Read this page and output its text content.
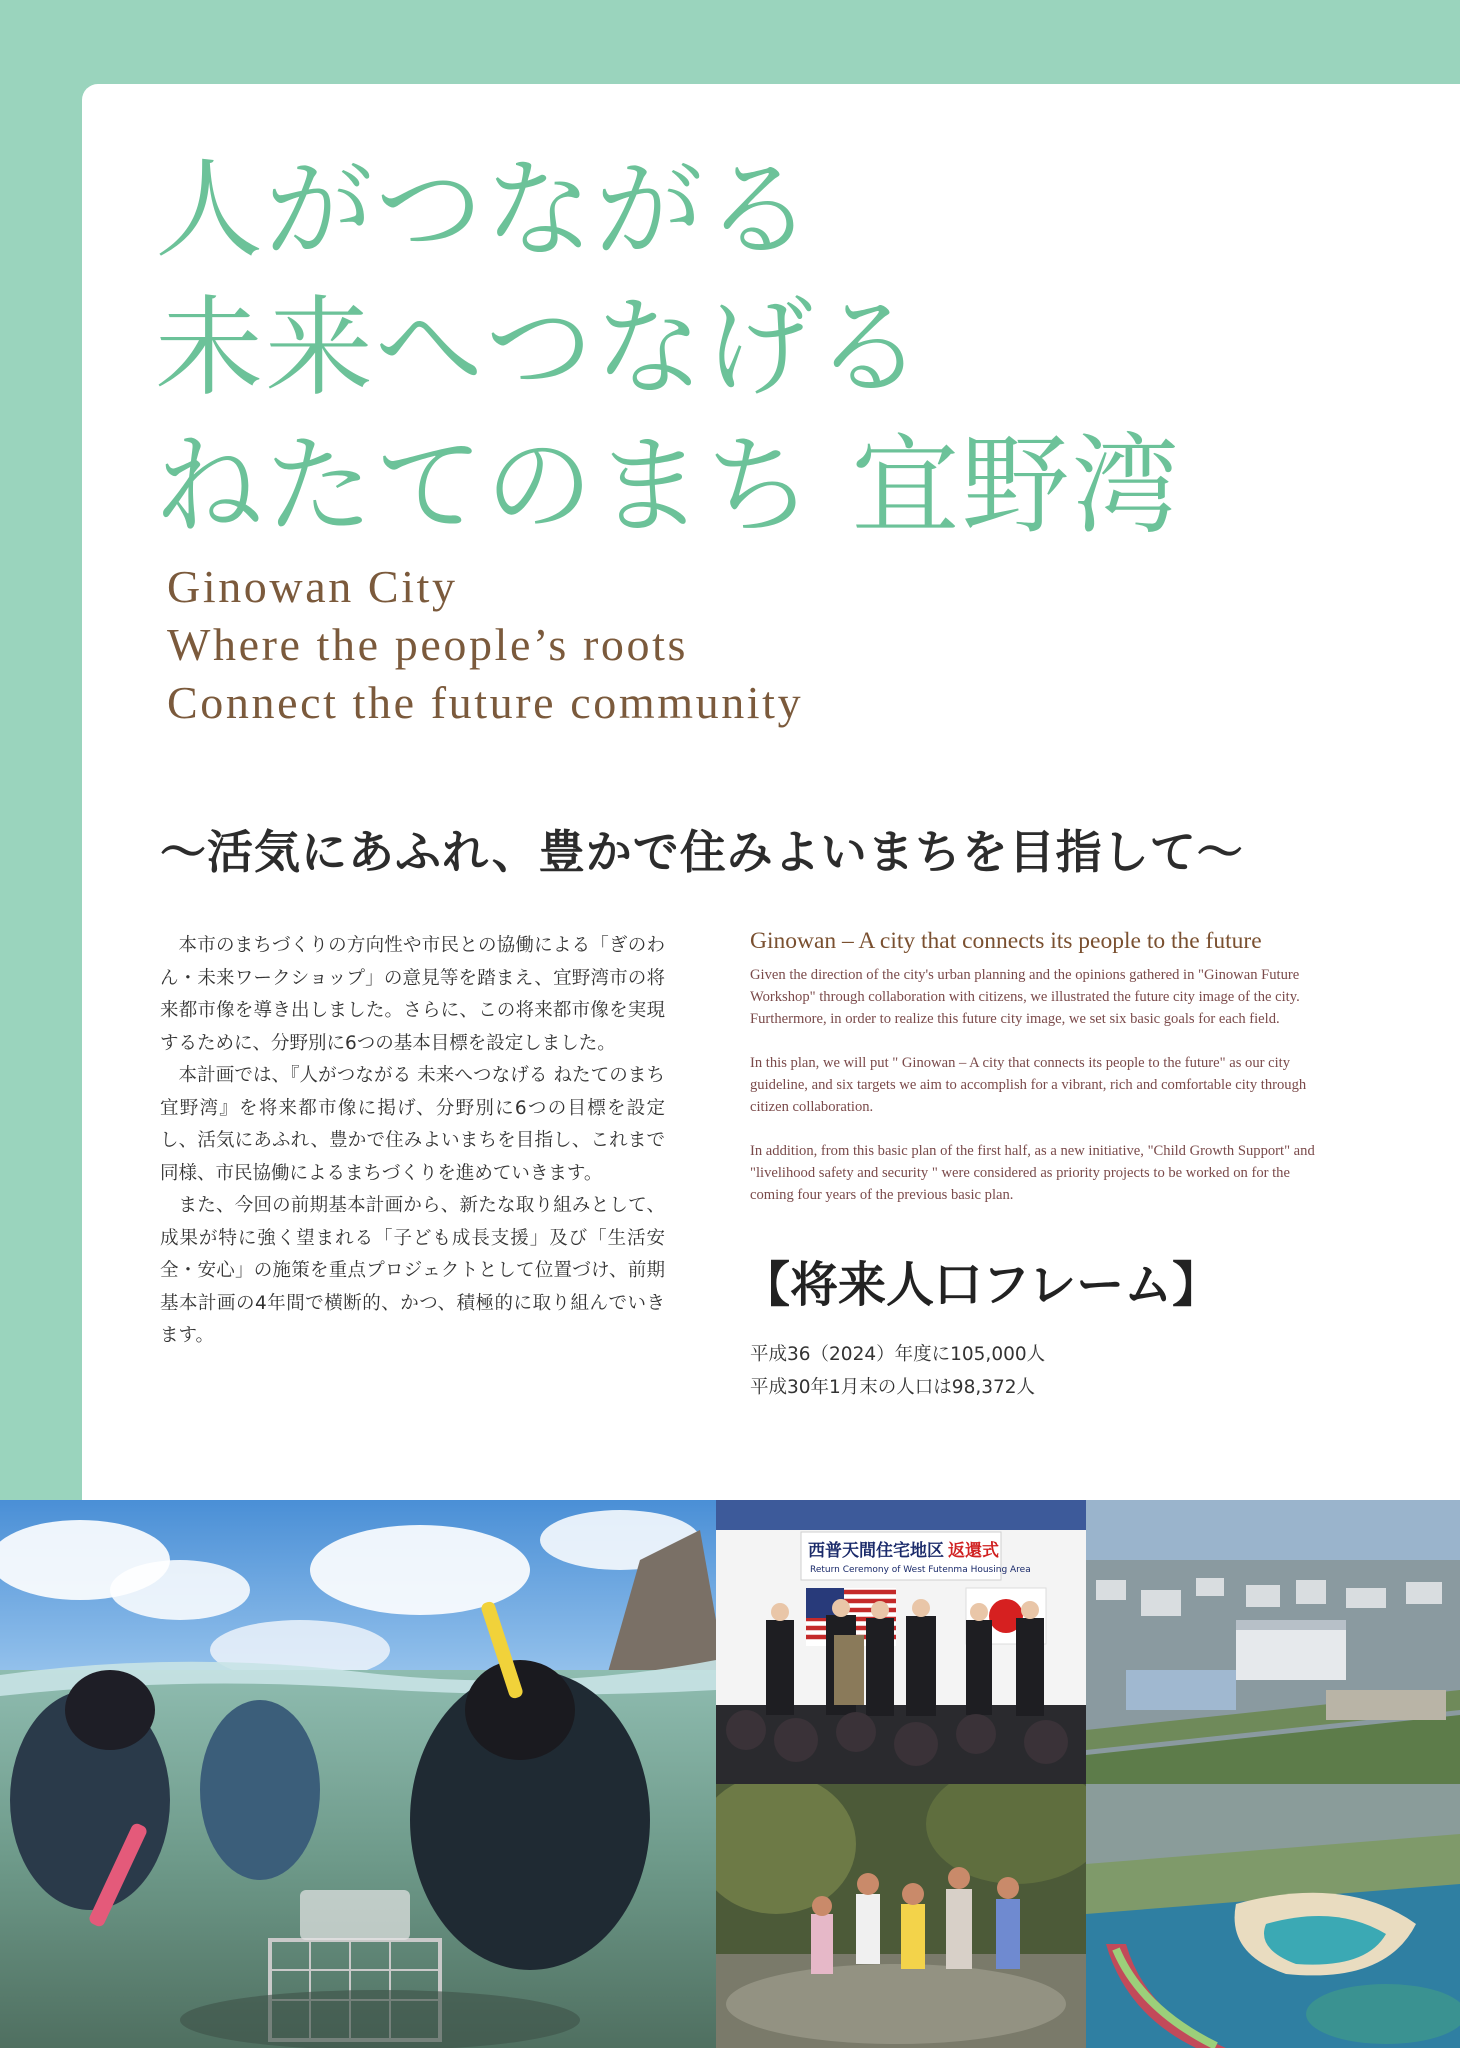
人がつながる
未来へつなげる
ねたてのまち 宜野湾
Ginowan City
Where the people’s roots
Connect the future community
～活気にあふれ、豊かで住みよいまちを目指して～

本市のまちづくりの方向性や市民との協働による「ぎのわん・未来ワークショップ」の意見等を踏まえ、宜野湾市の将来都市像を導き出しました。さらに、この将来都市像を実現するために、分野別に6つの基本目標を設定しました。

本計画では、『人がつながる 未来へつなげる ねたてのまち宜野湾』を将来都市像に掲げ、分野別に6つの目標を設定し、活気にあふれ、豊かで住みよいまちを目指し、これまで同様、市民協働によるまちづくりを進めていきます。

また、今回の前期基本計画から、新たな取り組みとして、成果が特に強く望まれる「子ども成長支援」及び「生活安全・安心」の施策を重点プロジェクトとして位置づけ、前期基本計画の4年間で横断的、かつ、積極的に取り組んでいきます。

Ginowan – A city that connects its people to the future

Given the direction of the city's urban planning and the opinions gathered in "Ginowan Future Workshop" through collaboration with citizens, we illustrated the future city image of the city. Furthermore, in order to realize this future city image, we set six basic goals for each field.

In this plan, we will put " Ginowan – A city that connects its people to the future" as our city guideline, and six targets we aim to accomplish for a vibrant, rich and comfortable city through citizen collaboration.

In addition, from this basic plan of the first half, as a new initiative, "Child Growth Support" and "livelihood safety and security " were considered as priority projects to be worked on for the coming four years of the previous basic plan.

【将来人口フレーム】
平成36（2024）年度に105,000人
平成30年1月末の人口は98,372人
西普天間住宅地区 返還式
Return Ceremony of West Futenma Housing Area
